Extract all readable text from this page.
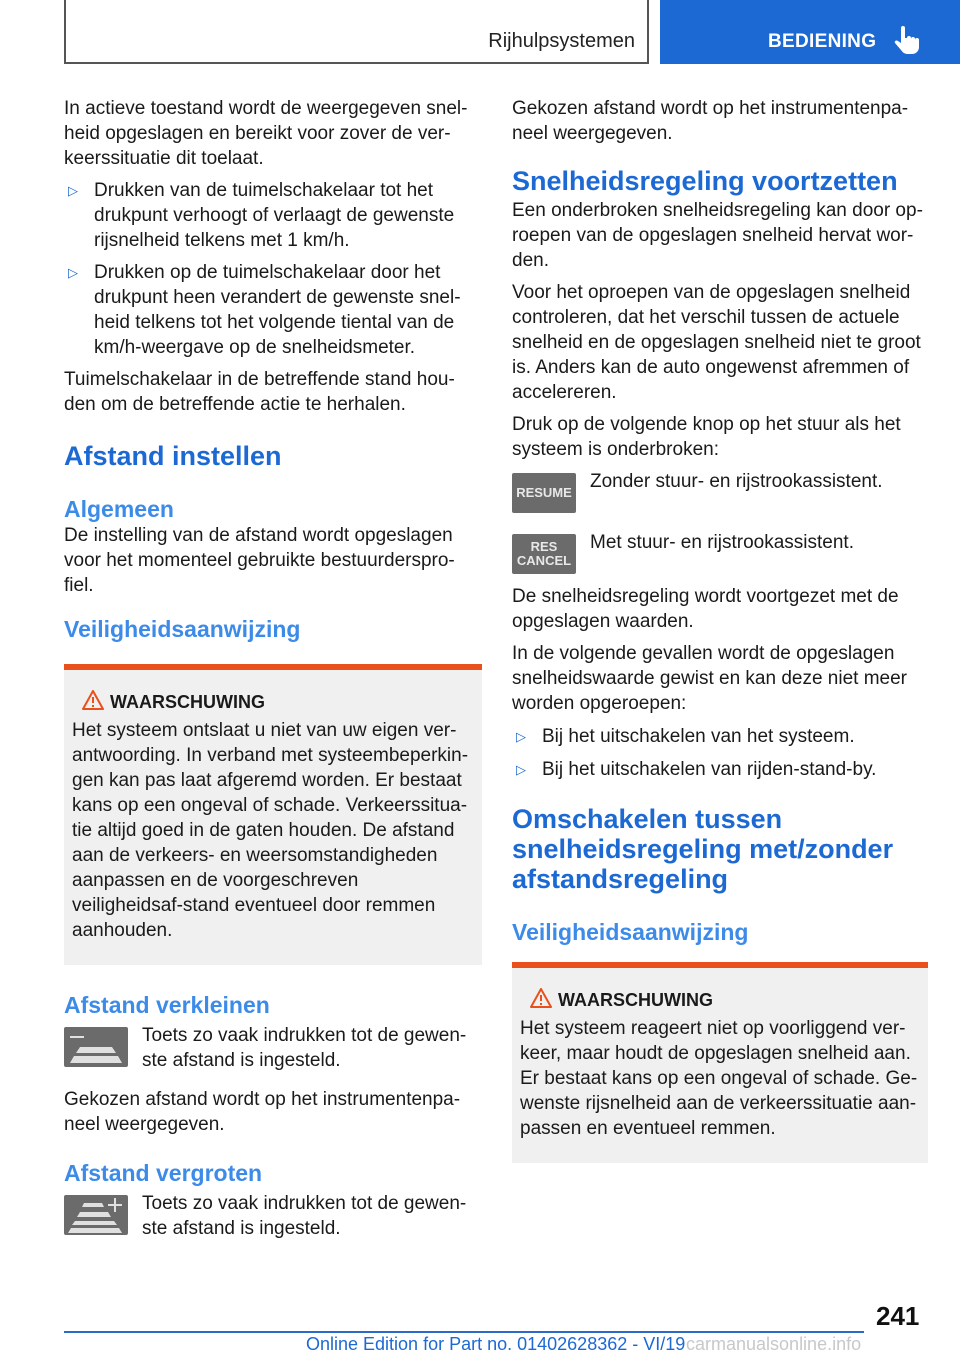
Rijhulpsystemen	BEDIENING

In actieve toestand wordt de weergegeven snel-heid opgeslagen en bereikt voor zover de ver-keerssituatie dit toelaat.

▷ Drukken van de tuimelschakelaar tot het drukpunt verhoogt of verlaagt de gewenste rijsnelheid telkens met 1 km/h.
▷ Drukken op de tuimelschakelaar door het drukpunt heen verandert de gewenste snel-heid telkens tot het volgende tiental van de km/h-weergave op de snelheidsmeter.

Tuimelschakelaar in de betreffende stand hou-den om de betreffende actie te herhalen.

Afstand instellen
Algemeen

De instelling van de afstand wordt opgeslagen voor het momenteel gebruikte bestuurderspro-fiel.

Veiligheidsaanwijzing
WAARSCHUWING
Het systeem ontslaat u niet van uw eigen ver-antwoording. In verband met systeembeperkin-gen kan pas laat afgeremd worden. Er bestaat kans op een ongeval of schade. Verkeerssitua-tie altijd goed in de gaten houden. De afstand aan de verkeers- en weersomstandigheden aanpassen en de voorgeschreven veiligheidsaf-stand eventueel door remmen aanhouden.
Afstand verkleinen
Toets zo vaak indrukken tot de gewen-ste afstand is ingesteld.

Gekozen afstand wordt op het instrumentenpa-neel weergegeven.

Afstand vergroten
Toets zo vaak indrukken tot de gewen-ste afstand is ingesteld.

Gekozen afstand wordt op het instrumentenpa-neel weergegeven.

Snelheidsregeling voortzetten

Een onderbroken snelheidsregeling kan door op-roepen van de opgeslagen snelheid hervat wor-den.

Voor het oproepen van de opgeslagen snelheid controleren, dat het verschil tussen de actuele snelheid en de opgeslagen snelheid niet te groot is. Anders kan de auto ongewenst afremmen of accelereren.

Druk op de volgende knop op het stuur als het systeem is onderbroken:

RESUME
Zonder stuur- en rijstrookassistent.
RES
CANCEL
Met stuur- en rijstrookassistent.

De snelheidsregeling wordt voortgezet met de opgeslagen waarden.

In de volgende gevallen wordt de opgeslagen snelheidswaarde gewist en kan deze niet meer worden opgeroepen:

▷ Bij het uitschakelen van het systeem.
▷ Bij het uitschakelen van rijden-stand-by.
Omschakelen tussen snelheidsregeling met/zonder afstandsregeling
Veiligheidsaanwijzing
WAARSCHUWING
Het systeem reageert niet op voorliggend ver-keer, maar houdt de opgeslagen snelheid aan. Er bestaat kans op een ongeval of schade. Ge-wenste rijsnelheid aan de verkeerssituatie aan-passen en eventueel remmen.
241
Online Edition for Part no. 01402628362 - VI/19 carmanualsonline.info
